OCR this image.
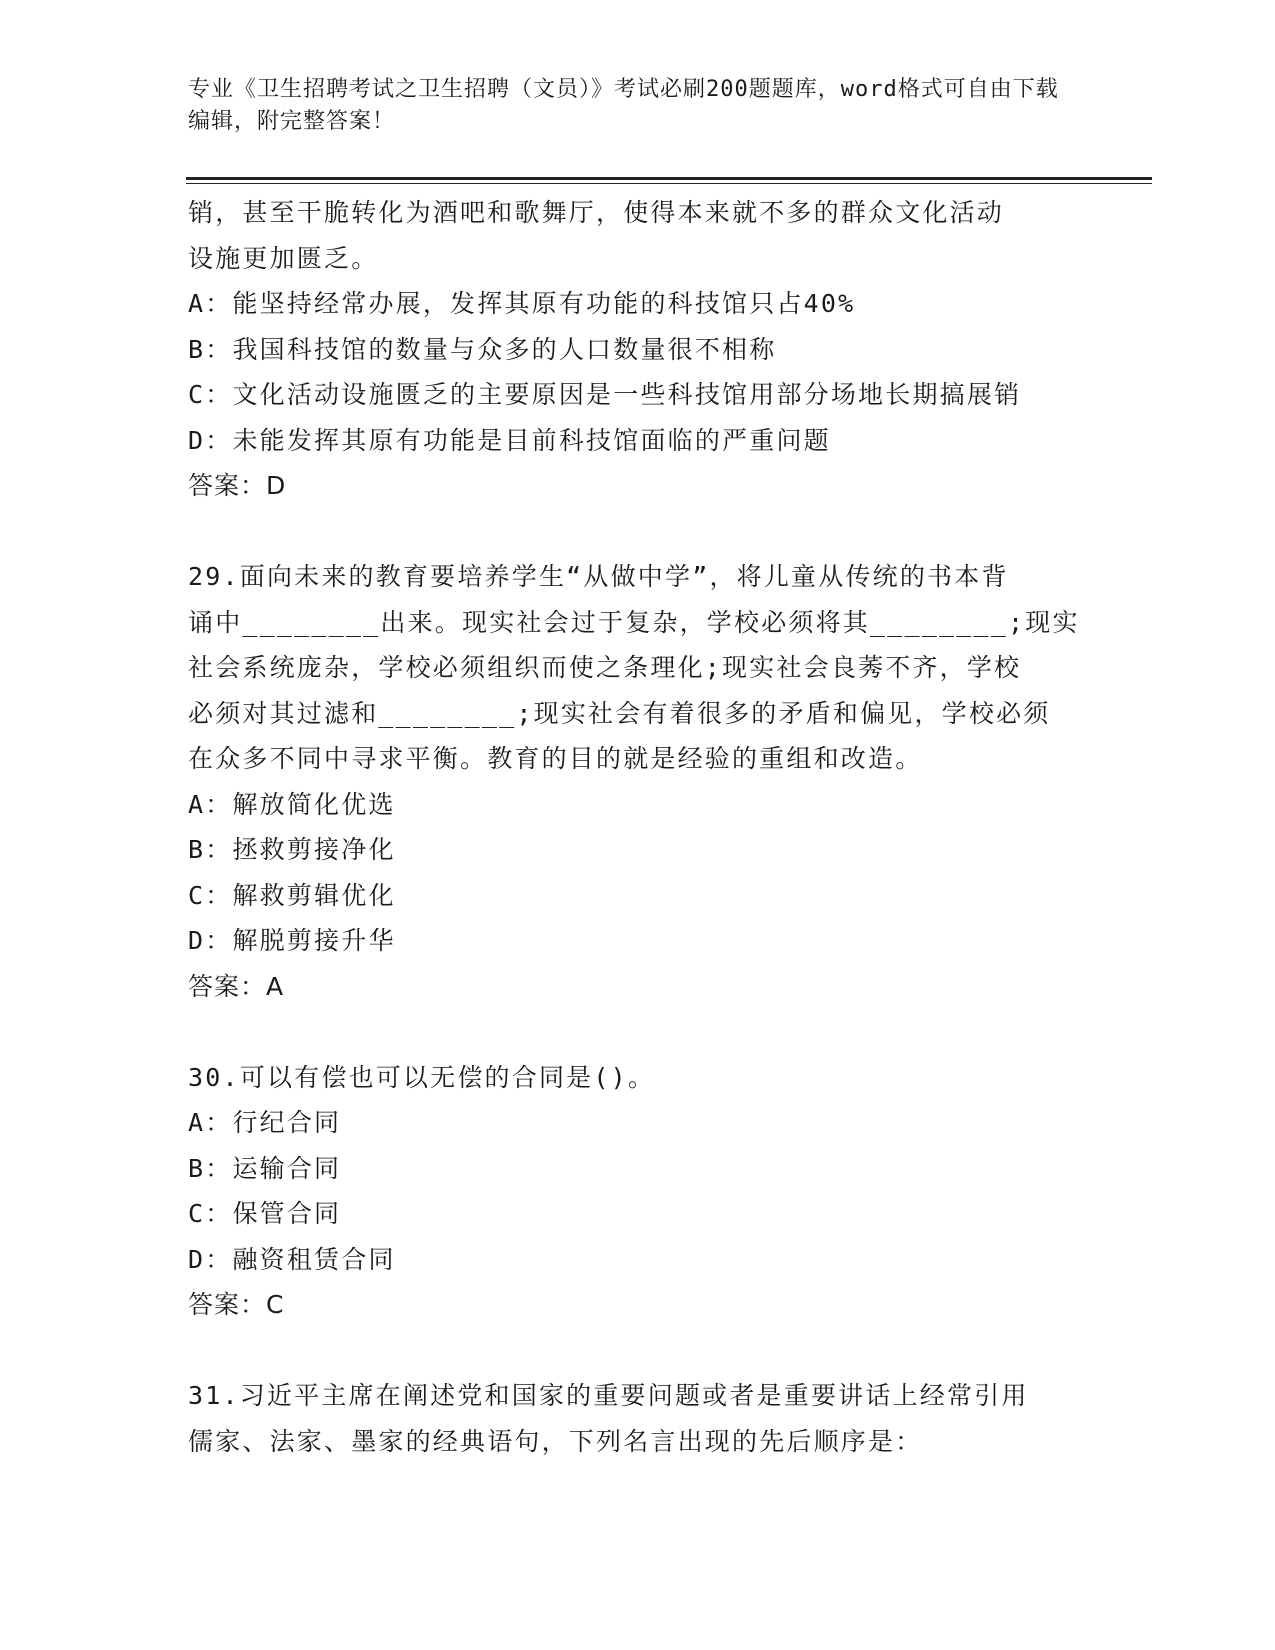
专业《卫生招聘考试之卫生招聘（文员）》考试必刷200题题库，word格式可自由下载编辑，附完整答案！
销，甚至干脆转化为酒吧和歌舞厅，使得本来就不多的群众文化活动
设施更加匮乏。
A：能坚持经常办展，发挥其原有功能的科技馆只占40%
B：我国科技馆的数量与众多的人口数量很不相称
C：文化活动设施匮乏的主要原因是一些科技馆用部分场地长期搞展销
D：未能发挥其原有功能是目前科技馆面临的严重问题
答案：D
29.面向未来的教育要培养学生“从做中学”，将儿童从传统的书本背
诵中________出来。现实社会过于复杂，学校必须将其________;现实
社会系统庞杂，学校必须组织而使之条理化;现实社会良莠不齐，学校
必须对其过滤和________;现实社会有着很多的矛盾和偏见，学校必须
在众多不同中寻求平衡。教育的目的就是经验的重组和改造。
A：解放简化优选
B：拯救剪接净化
C：解救剪辑优化
D：解脱剪接升华
答案：A
30.可以有偿也可以无偿的合同是()。
A：行纪合同
B：运输合同
C：保管合同
D：融资租赁合同
答案：C
31.习近平主席在阐述党和国家的重要问题或者是重要讲话上经常引用
儒家、法家、墨家的经典语句，下列名言出现的先后顺序是：
